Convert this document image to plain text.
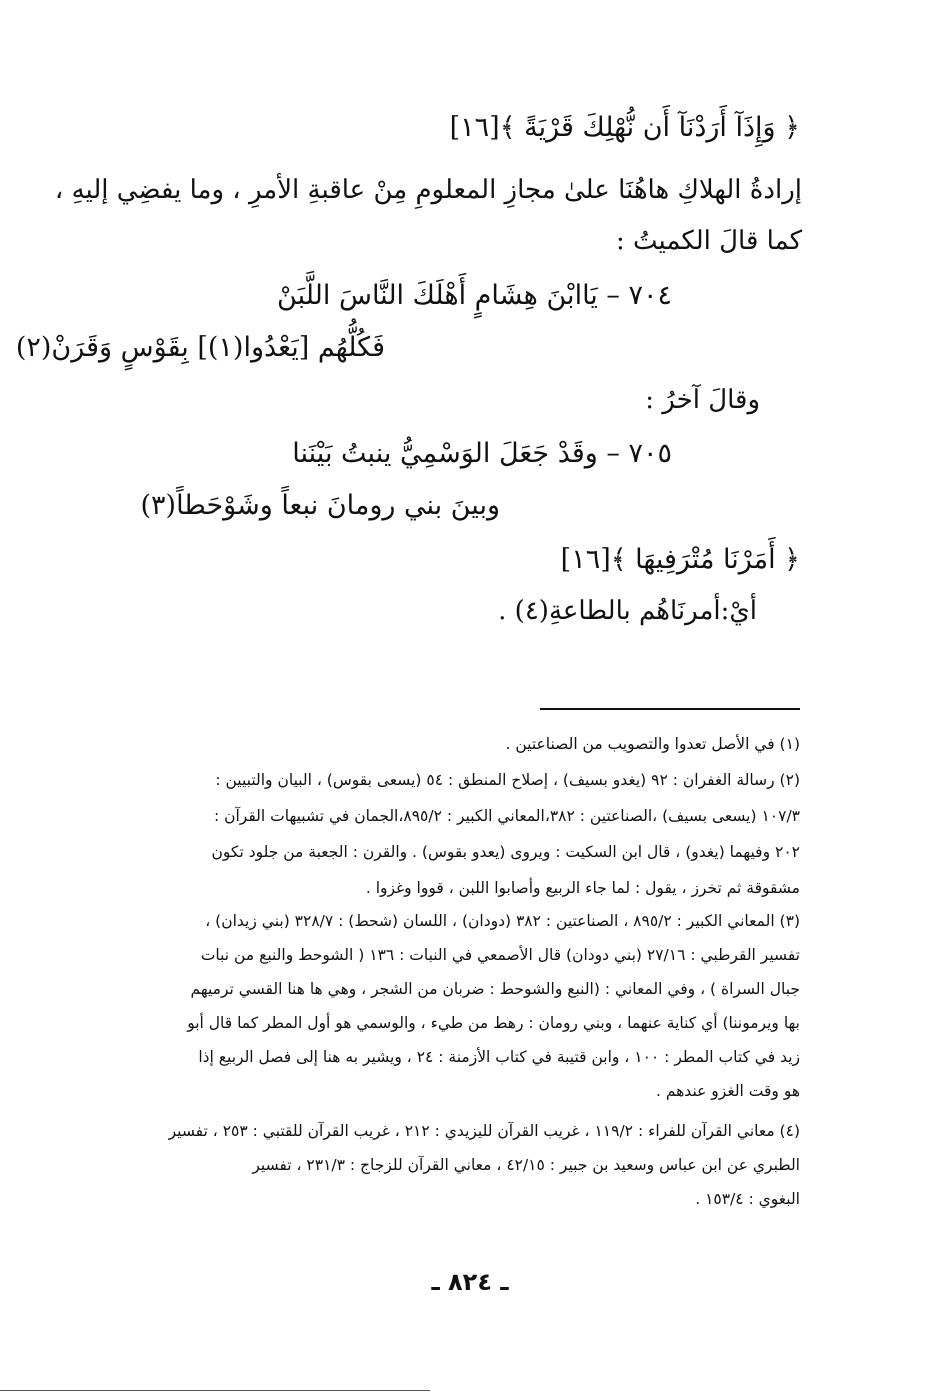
﴿ وَإِذَآ أَرَدْنَآ أَن نُّهْلِكَ قَرْيَةً ﴾[١٦]
إرادةُ الهلاكِ هاهُنَا علىٰ مجازِ المعلومِ مِنْ عاقبةِ الأمرِ ، وما يفضِي إليهِ ،
كما قالَ الكميتُ :
٧٠٤ – يَاابْنَ هِشَامٍ أَهْلَكَ النَّاسَ اللَّبَنْ
فَكُلُّهُم [يَعْدُوا(١)] بِقَوْسٍ وَقَرَنْ(٢)
وقالَ آخرُ :
٧٠٥ – وقَدْ جَعَلَ الوَسْمِيُّ ينبتُ بَيْنَنا
وبينَ بني رومانَ نبعاً وشَوْحَطاً(٣)
﴿ أَمَرْنَا مُتْرَفِيهَا ﴾[١٦]
أيْ:أمرنَاهُم بالطاعةِ(٤) .
(١) في الأصل تعدوا والتصويب من الصناعتين .
(٢) رسالة الغفران : ٩٢ (يغدو بسيف) ، إصلاح المنطق : ٥٤ (يسعى بقوس) ، البيان والتبيين :
١٠٧/٣ (يسعى بسيف) ،الصناعتين : ٣٨٢،المعاني الكبير : ٨٩٥/٢،الجمان في تشبيهات القرآن :
٢٠٢ وفيهما (يغدو) ، قال ابن السكيت : ويروى (يعدو بقوس) . والقرن : الجعبة من جلود تكون
مشقوقة ثم تخرز ، يقول : لما جاء الربيع وأصابوا اللبن ، قووا وغزوا .
(٣) المعاني الكبير : ٨٩٥/٢ ، الصناعتين : ٣٨٢ (دودان) ، اللسان (شحط) : ٣٢٨/٧ (بني زيدان) ،
تفسير القرطبي : ٢٧/١٦ (بني دودان) قال الأصمعي في النبات : ١٣٦ ( الشوحط والنبع من نبات
جبال السراة ) ، وفي المعاني : (النبع والشوحط : ضربان من الشجر ، وهي ها هنا القسي ترميهم
بها ويرموننا) أي كناية عنهما ، وبني رومان : رهط من طيء ، والوسمي هو أول المطر كما قال أبو
زيد في كتاب المطر : ١٠٠ ، وابن قتيبة في كتاب الأزمنة : ٢٤ ، ويشير به هنا إلى فصل الربيع إذا
هو وقت الغزو عندهم .
(٤) معاني القرآن للفراء : ١١٩/٢ ، غريب القرآن لليزيدي : ٢١٢ ، غريب القرآن للقتبي : ٢٥٣ ، تفسير
الطبري عن ابن عباس وسعيد بن جبير : ٤٢/١٥ ، معاني القرآن للزجاج : ٢٣١/٣ ، تفسير
البغوي : ١٥٣/٤ .
ـ ٨٢٤ ـ
